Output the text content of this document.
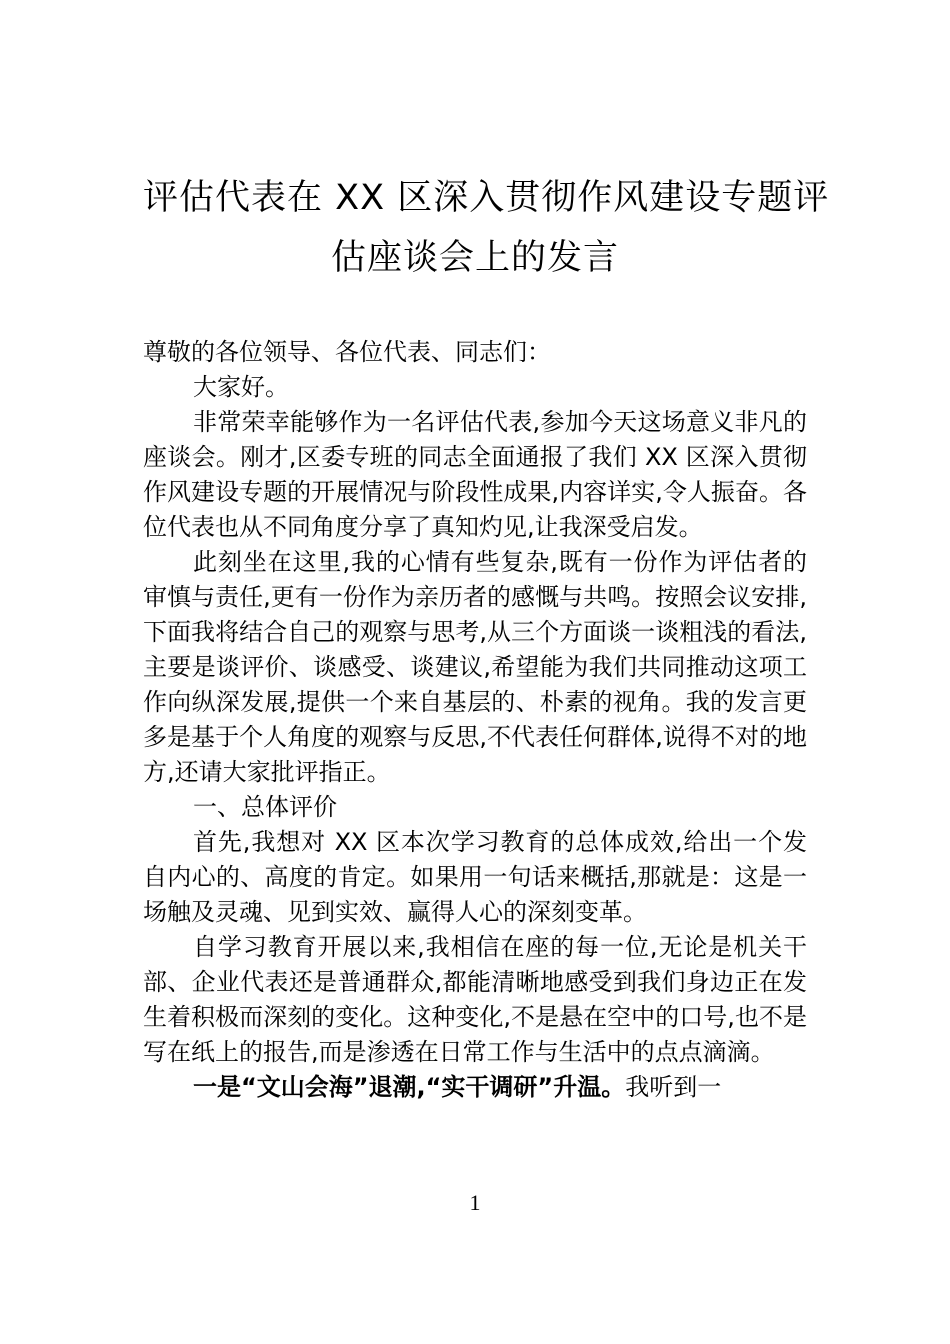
评估代表在 XX 区深入贯彻作风建设专题评
估座谈会上的发言

尊敬的各位领导、各位代表、同志们：

大家好。

非常荣幸能够作为一名评估代表,参加今天这场意义非凡的座谈会。刚才,区委专班的同志全面通报了我们 XX 区深入贯彻作风建设专题的开展情况与阶段性成果,内容详实,令人振奋。各位代表也从不同角度分享了真知灼见,让我深受启发。

此刻坐在这里,我的心情有些复杂,既有一份作为评估者的审慎与责任,更有一份作为亲历者的感慨与共鸣。按照会议安排,下面我将结合自己的观察与思考,从三个方面谈一谈粗浅的看法,主要是谈评价、谈感受、谈建议,希望能为我们共同推动这项工作向纵深发展,提供一个来自基层的、朴素的视角。我的发言更多是基于个人角度的观察与反思,不代表任何群体,说得不对的地方,还请大家批评指正。

一、总体评价

首先,我想对 XX 区本次学习教育的总体成效,给出一个发自内心的、高度的肯定。如果用一句话来概括,那就是：这是一场触及灵魂、见到实效、赢得人心的深刻变革。

自学习教育开展以来,我相信在座的每一位,无论是机关干部、企业代表还是普通群众,都能清晰地感受到我们身边正在发生着积极而深刻的变化。这种变化,不是悬在空中的口号,也不是写在纸上的报告,而是渗透在日常工作与生活中的点点滴滴。

一是“文山会海”退潮,“实干调研”升温。我听到一

1
